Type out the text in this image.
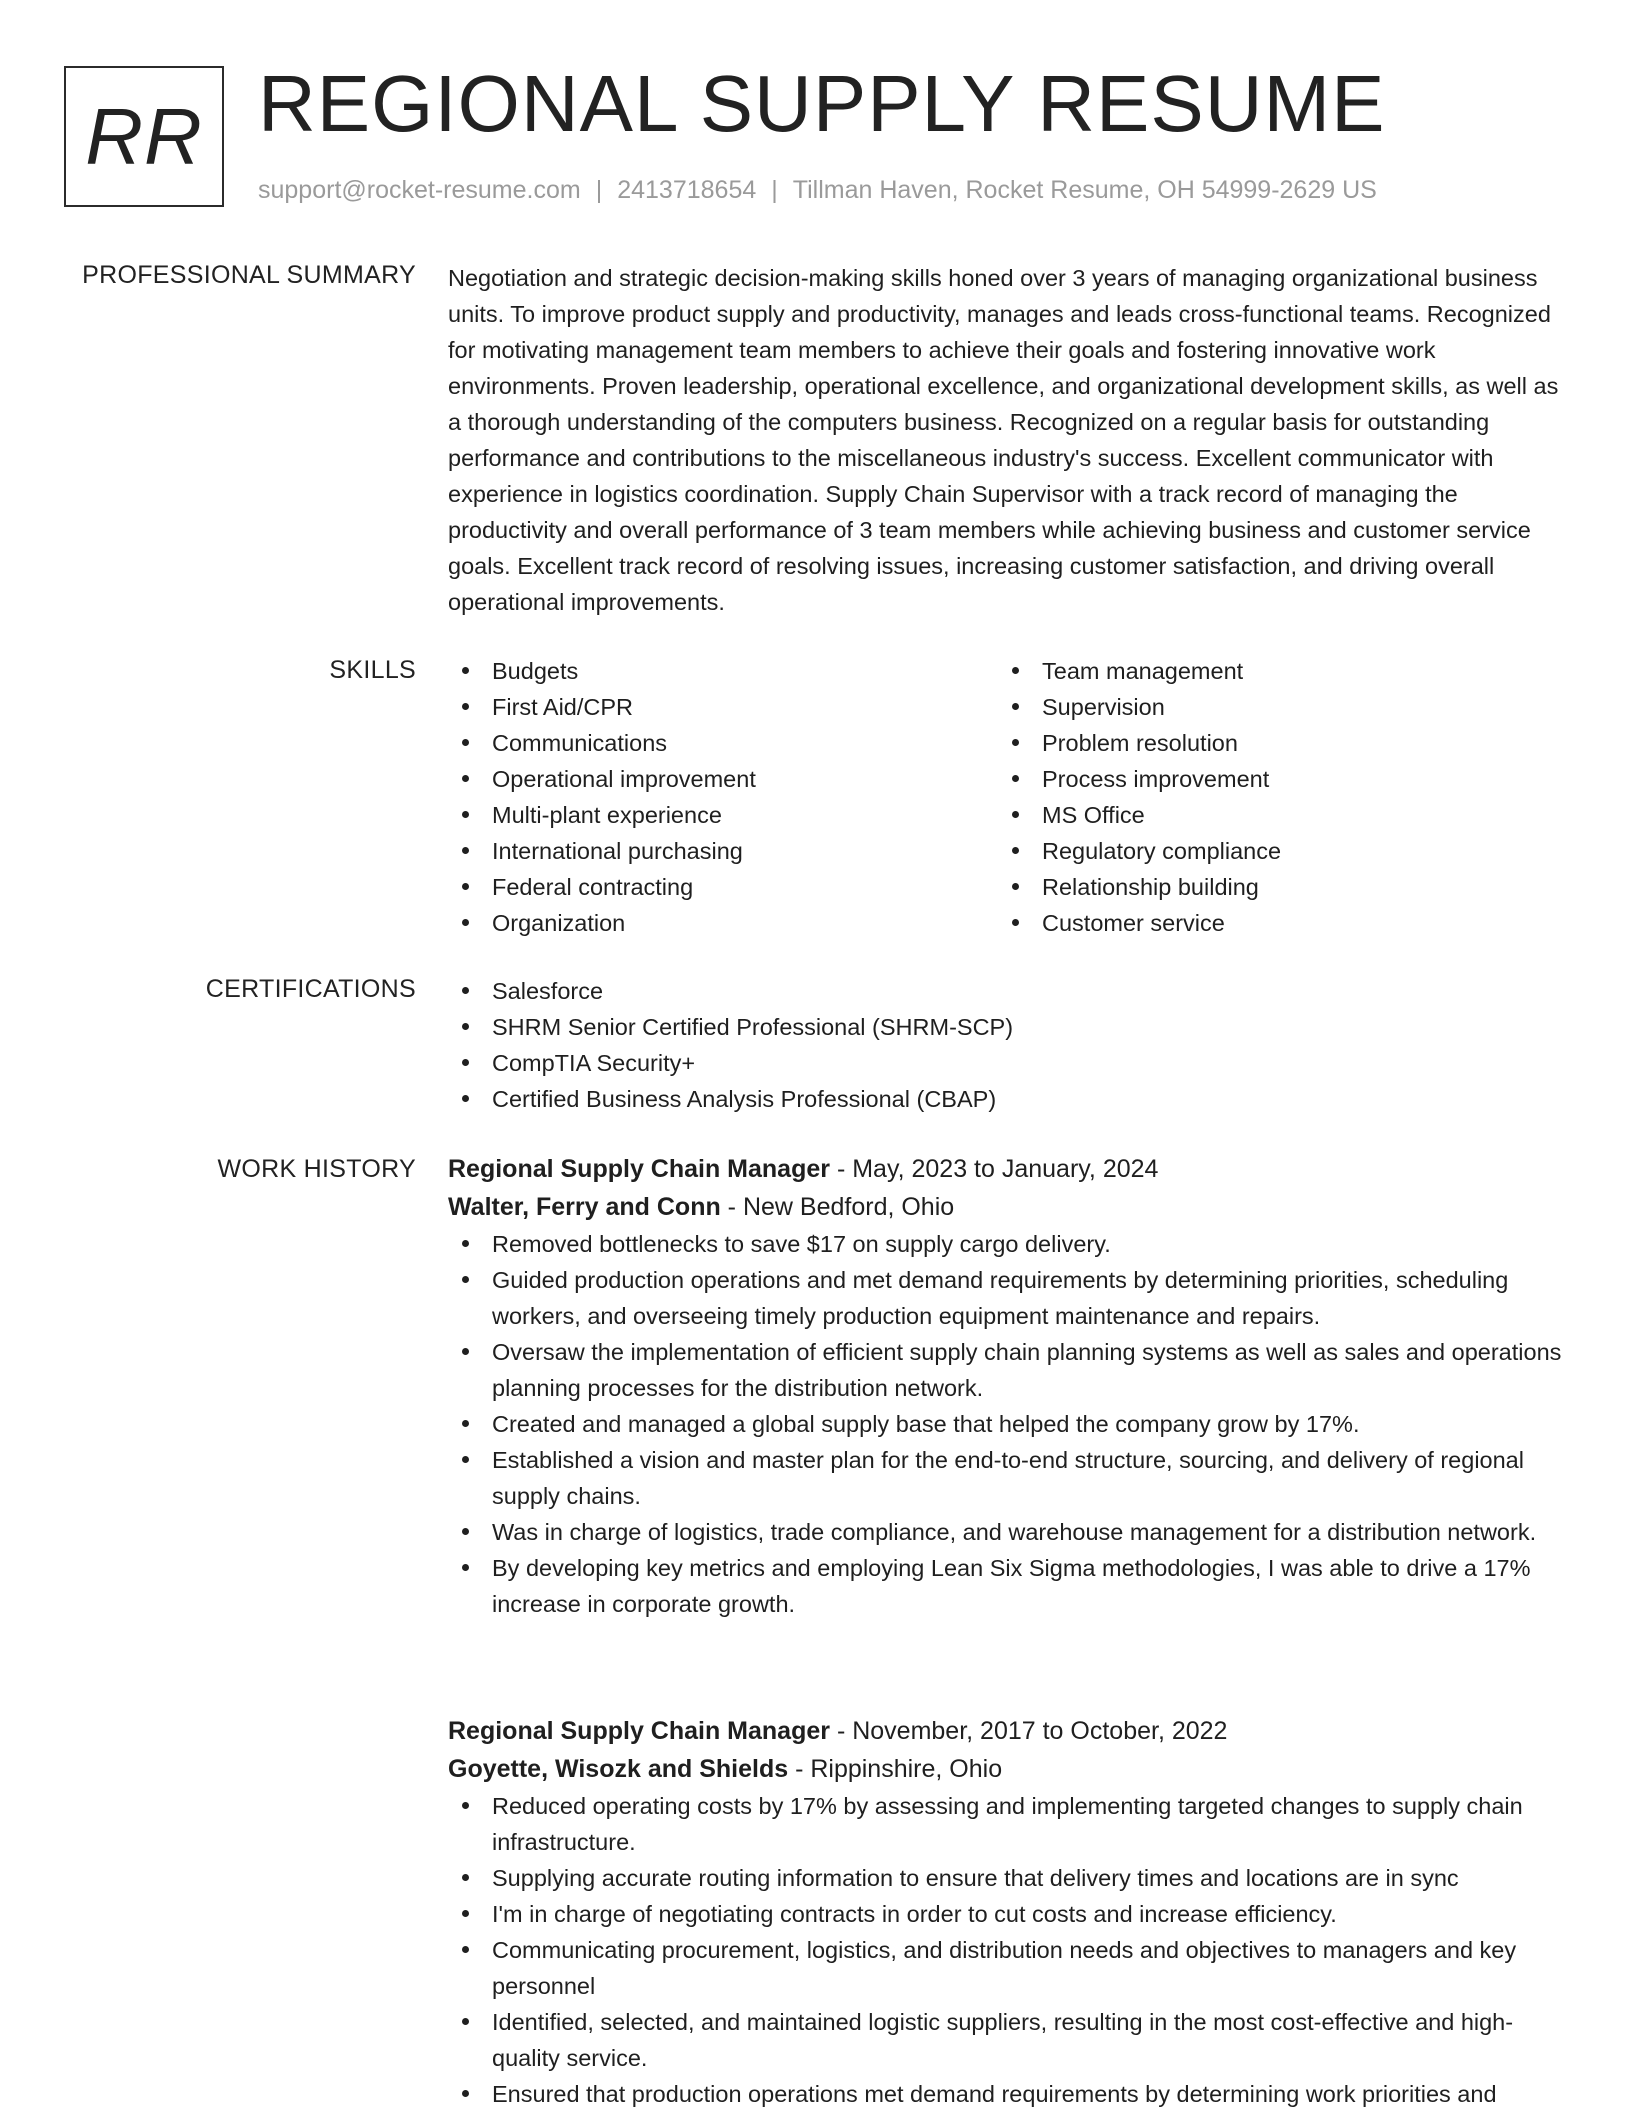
RR REGIONAL SUPPLY RESUME
support@rocket-resume.com | 2413718654 | Tillman Haven, Rocket Resume, OH 54999-2629 US
PROFESSIONAL SUMMARY Negotiation and strategic decision-making skills honed over 3 years of managing organizational business units. To improve product supply and productivity, manages and leads cross-functional teams. Recognized for motivating management team members to achieve their goals and fostering innovative work environments. Proven leadership, operational excellence, and organizational development skills, as well as a thorough understanding of the computers business. Recognized on a regular basis for outstanding performance and contributions to the miscellaneous industry's success. Excellent communicator with experience in logistics coordination. Supply Chain Supervisor with a track record of managing the productivity and overall performance of 3 team members while achieving business and customer service goals. Excellent track record of resolving issues, increasing customer satisfaction, and driving overall operational improvements.

SKILLS	Budgets
First Aid/CPR
Communications
Operational improvement
Multi-plant experience
International purchasing
Federal contracting
Organization
Team management
Supervision
Problem resolution
Process improvement
MS Office
Regulatory compliance
Relationship building
Customer service
CERTIFICATIONS	Salesforce
SHRM Senior Certified Professional (SHRM-SCP)
CompTIA Security+
Certified Business Analysis Professional (CBAP)
WORK HISTORY Regional Supply Chain Manager - May, 2023 to January, 2024
Walter, Ferry and Conn - New Bedford, Ohio
Removed bottlenecks to save $17 on supply cargo delivery.
Guided production operations and met demand requirements by determining priorities, scheduling workers, and overseeing timely production equipment maintenance and repairs.
Oversaw the implementation of efficient supply chain planning systems as well as sales and operations planning processes for the distribution network.
Created and managed a global supply base that helped the company grow by 17%.
Established a vision and master plan for the end-to-end structure, sourcing, and delivery of regional supply chains.
Was in charge of logistics, trade compliance, and warehouse management for a distribution network.
By developing key metrics and employing Lean Six Sigma methodologies, I was able to drive a 17% increase in corporate growth.
Regional Supply Chain Manager - November, 2017 to October, 2022
Goyette, Wisozk and Shields - Rippinshire, Ohio
Reduced operating costs by 17% by assessing and implementing targeted changes to supply chain infrastructure.
Supplying accurate routing information to ensure that delivery times and locations are in sync
I'm in charge of negotiating contracts in order to cut costs and increase efficiency.
Communicating procurement, logistics, and distribution needs and objectives to managers and key personnel
Identified, selected, and maintained logistic suppliers, resulting in the most cost-effective and high-quality service.
Ensured that production operations met demand requirements by determining work priorities and
